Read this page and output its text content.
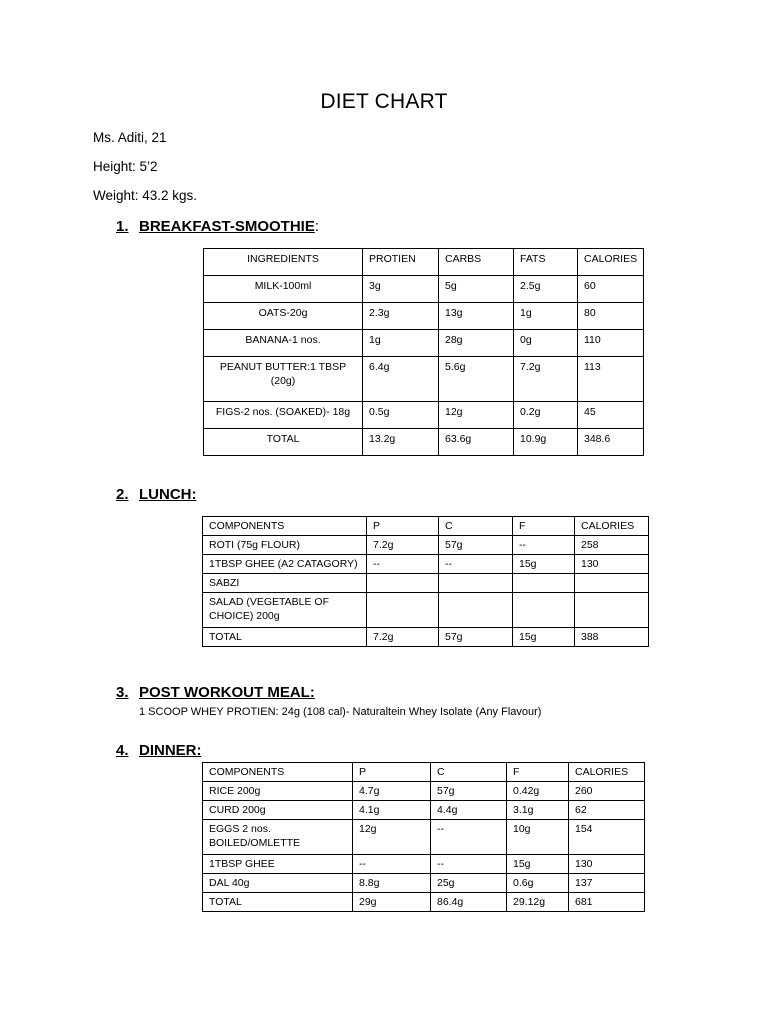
DIET CHART
Ms. Aditi, 21
Height: 5’2
Weight: 43.2 kgs.
1. BREAKFAST-SMOOTHIE :
INGREDIENTS	PROTIEN	CARBS	FATS	CALORIES
MILK-100ml	3g	5g	2.5g	60
OATS-20g	2.3g	13g	1g	80
BANANA-1 nos.	1g	28g	0g	110
PEANUT BUTTER:1 TBSP (20g)	6.4g	5.6g	7.2g	113
FIGS-2 nos. (SOAKED)- 18g	0.5g	12g	0.2g	45
TOTAL	13.2g	63.6g	10.9g	348.6
2. LUNCH:
COMPONENTS	P	C	F	CALORIES
ROTI (75g FLOUR)	7.2g	57g	--	258
1TBSP GHEE (A2 CATAGORY)	--	--	15g	130
SABZI				
SALAD (VEGETABLE OF CHOICE) 200g				
TOTAL	7.2g	57g	15g	388
3. POST WORKOUT MEAL:
1 SCOOP WHEY PROTIEN: 24g (108 cal)- Naturaltein Whey Isolate (Any Flavour)
4. DINNER:
COMPONENTS	P	C	F	CALORIES
RICE 200g	4.7g	57g	0.42g	260
CURD 200g	4.1g	4.4g	3.1g	62
EGGS 2 nos. BOILED/OMLETTE	12g	--	10g	154
1TBSP GHEE	--	--	15g	130
DAL 40g	8.8g	25g	0.6g	137
TOTAL	29g	86.4g	29.12g	681
